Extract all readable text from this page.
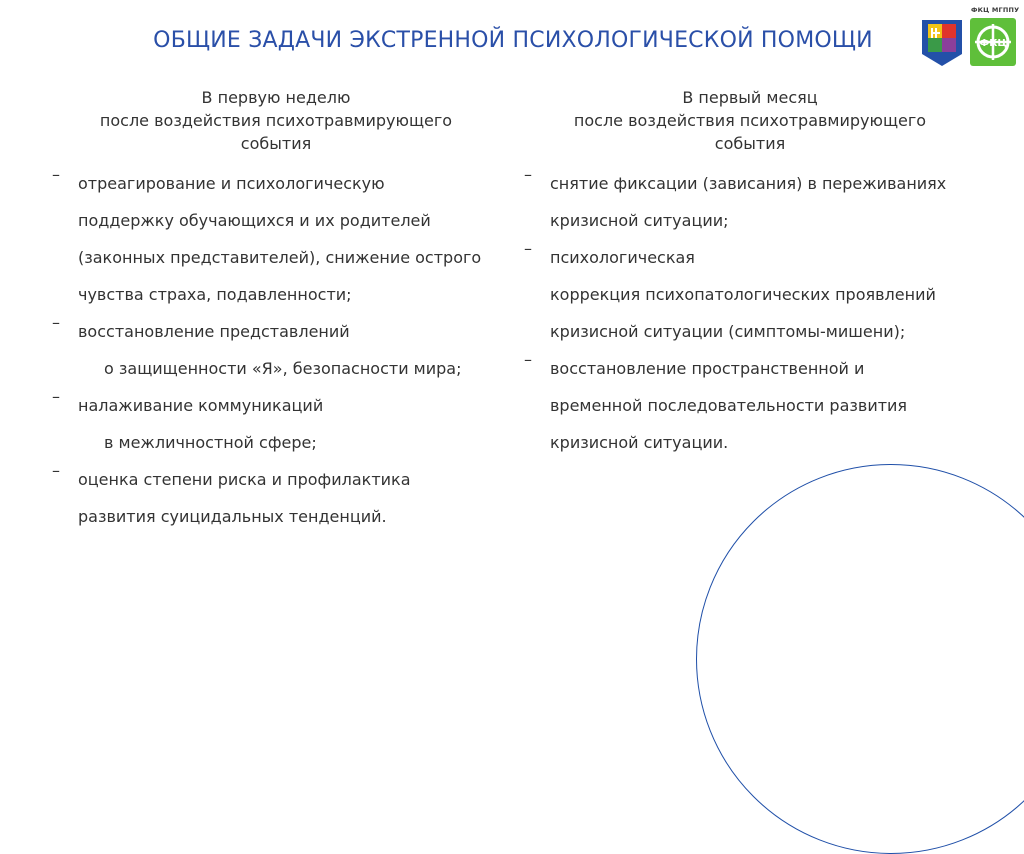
ОБЩИЕ ЗАДАЧИ ЭКСТРЕННОЙ ПСИХОЛОГИЧЕСКОЙ ПОМОЩИ
ФКЦ МГППУ
ФКЦ
В первую неделю
после воздействия психотравмирующего
события
В первый месяц
после воздействия психотравмирующего
события
– отреагирование и психологическую
поддержку обучающихся и их родителей
(законных представителей), снижение острого
чувства страха, подавленности;
– восстановление представлений
о защищенности «Я», безопасности мира;
– налаживание коммуникаций
в межличностной сфере;
– оценка степени риска и профилактика
развития суицидальных тенденций.
– снятие фиксации (зависания) в переживаниях
кризисной ситуации;
– психологическая
коррекция психопатологических проявлений
кризисной ситуации (симптомы-мишени);
– восстановление пространственной и
временной последовательности развития
кризисной ситуации.
